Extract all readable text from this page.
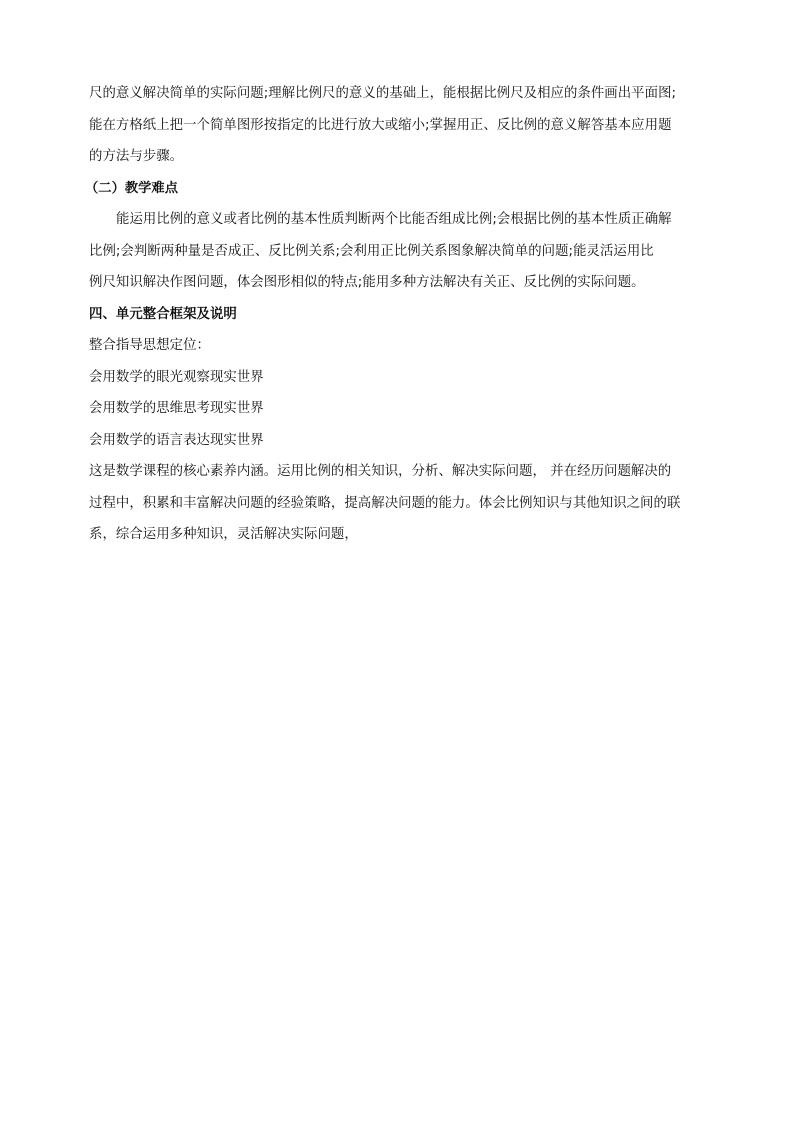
尺的意义解决简单的实际问题;理解比例尺的意义的基础上，能根据比例尺及相应的条件画出平面图;
能在方格纸上把一个简单图形按指定的比进行放大或缩小;掌握用正、反比例的意义解答基本应用题
的方法与步骤。
（二）教学难点
能运用比例的意义或者比例的基本性质判断两个比能否组成比例;会根据比例的基本性质正确解
比例;会判断两种量是否成正、反比例关系;会利用正比例关系图象解决简单的问题;能灵活运用比
例尺知识解决作图问题，体会图形相似的特点;能用多种方法解决有关正、反比例的实际问题。
四、单元整合框架及说明
整合指导思想定位：
会用数学的眼光观察现实世界
会用数学的思维思考现实世界
会用数学的语言表达现实世界
这是数学课程的核心素养内涵。运用比例的相关知识，分析、解决实际问题， 并在经历问题解决的
过程中，积累和丰富解决问题的经验策略，提高解决问题的能力。体会比例知识与其他知识之间的联
系，综合运用多种知识，灵活解决实际问题，
